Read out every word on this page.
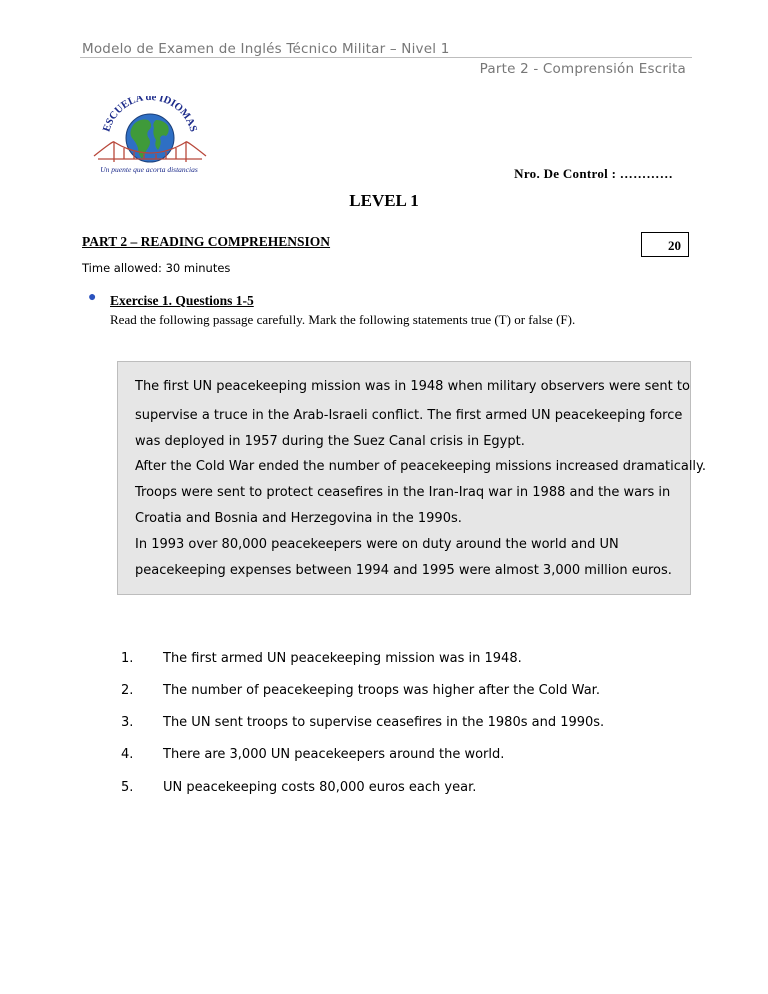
Modelo de Examen de Inglés Técnico Militar – Nivel 1
Parte 2 - Comprensión Escrita
ESCUELA de IDIOMAS
Un puente que acorta distancias	Nro. De Control : …………
LEVEL 1
PART 2 – READING COMPREHENSION	20
Time allowed: 30 minutes
● Exercise 1. Questions 1-5
Read the following passage carefully. Mark the following statements true (T) or false (F).
The first UN peacekeeping mission was in 1948 when military observers were sent to
supervise a truce in the Arab-Israeli conflict. The first armed UN peacekeeping force
was deployed in 1957 during the Suez Canal crisis in Egypt.
After the Cold War ended the number of peacekeeping missions increased dramatically.
Troops were sent to protect ceasefires in the Iran-Iraq war in 1988 and the wars in
Croatia and Bosnia and Herzegovina in the 1990s.
In 1993 over 80,000 peacekeepers were on duty around the world and UN
peacekeeping expenses between 1994 and 1995 were almost 3,000 million euros.
1. The first armed UN peacekeeping mission was in 1948.
2. The number of peacekeeping troops was higher after the Cold War.
3. The UN sent troops to supervise ceasefires in the 1980s and 1990s.
4. There are 3,000 UN peacekeepers around the world.
5. UN peacekeeping costs 80,000 euros each year.
